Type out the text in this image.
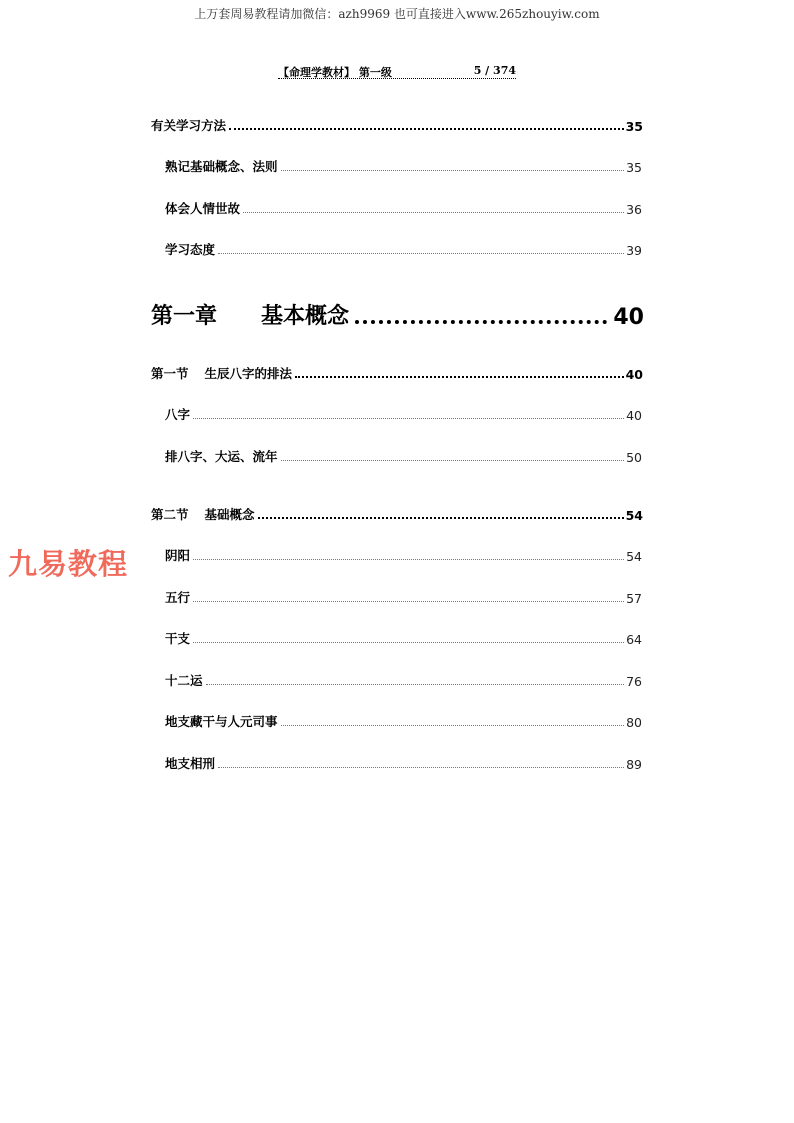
上万套周易教程请加微信：azh9969 也可直接进入www.265zhouyiw.com
【命理学教材】 第一级	5 / 374
九易教程
有关学习方法	35
熟记基础概念、法则	35
体会人情世故	36
学习态度	39
第一章 基本概念	40
第一节 生辰八字的排法	40
八字	40
排八字、大运、流年	50
第二节 基础概念	54
阴阳	54
五行	57
干支	64
十二运	76
地支藏干与人元司事	80
地支相刑	89
